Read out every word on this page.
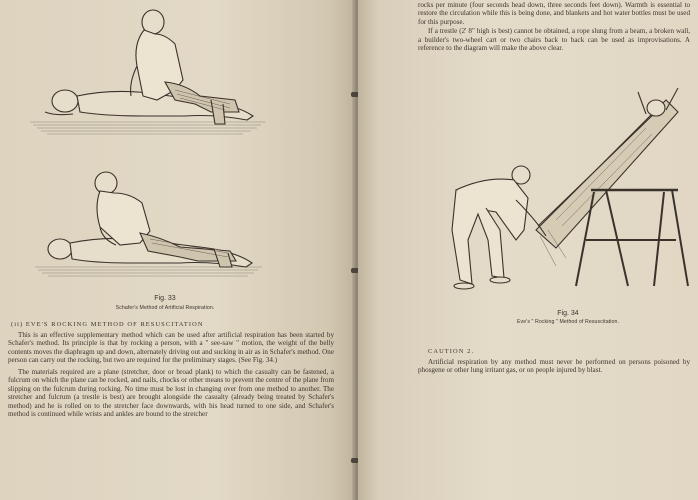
Fig. 33
Schafer's Method of Artificial Respiration.
(ii) EVE'S ROCKING METHOD OF RESUSCITATION

This is an effective supplementary method which can be used after artificial respiration has been started by Schafer's method. Its principle is that by rocking a person, with a " see-saw " motion, the weight of the belly contents moves the diaphragm up and down, alternately driving out and sucking in air as in Schafer's method. One person can carry out the rocking, but two are required for the preliminary stages. (See Fig. 34.)

The materials required are a plane (stretcher, door or broad plank) to which the casualty can be fastened, a fulcrum on which the plane can be rocked, and nails, chocks or other means to prevent the centre of the plane from slipping on the fulcrum during rocking. No time must be lost in changing over from one method to another. The stretcher and fulcrum (a trestle is best) are brought alongside the casualty (already being treated by Schafer's method) and he is rolled on to the stretcher face downwards, with his head turned to one side, and Schafer's method is continued while wrists and ankles are bound to the stretcher

rocks per minute (four seconds head down, three seconds feet down). Warmth is essential to restore the circulation while this is being done, and blankets and hot water bottles must be used for this purpose.

If a trestle (2' 8" high is best) cannot be obtained, a rope slung from a beam, a broken wall, a builder's two-wheel cart or two chairs back to back can be used as improvisations. A reference to the diagram will make the above clear.

Fig. 34
Eve's " Rocking " Method of Resuscitation.
CAUTION 2.

Artificial respiration by any method must never be performed on persons poisoned by phosgene or other lung irritant gas, or on people injured by blast.
